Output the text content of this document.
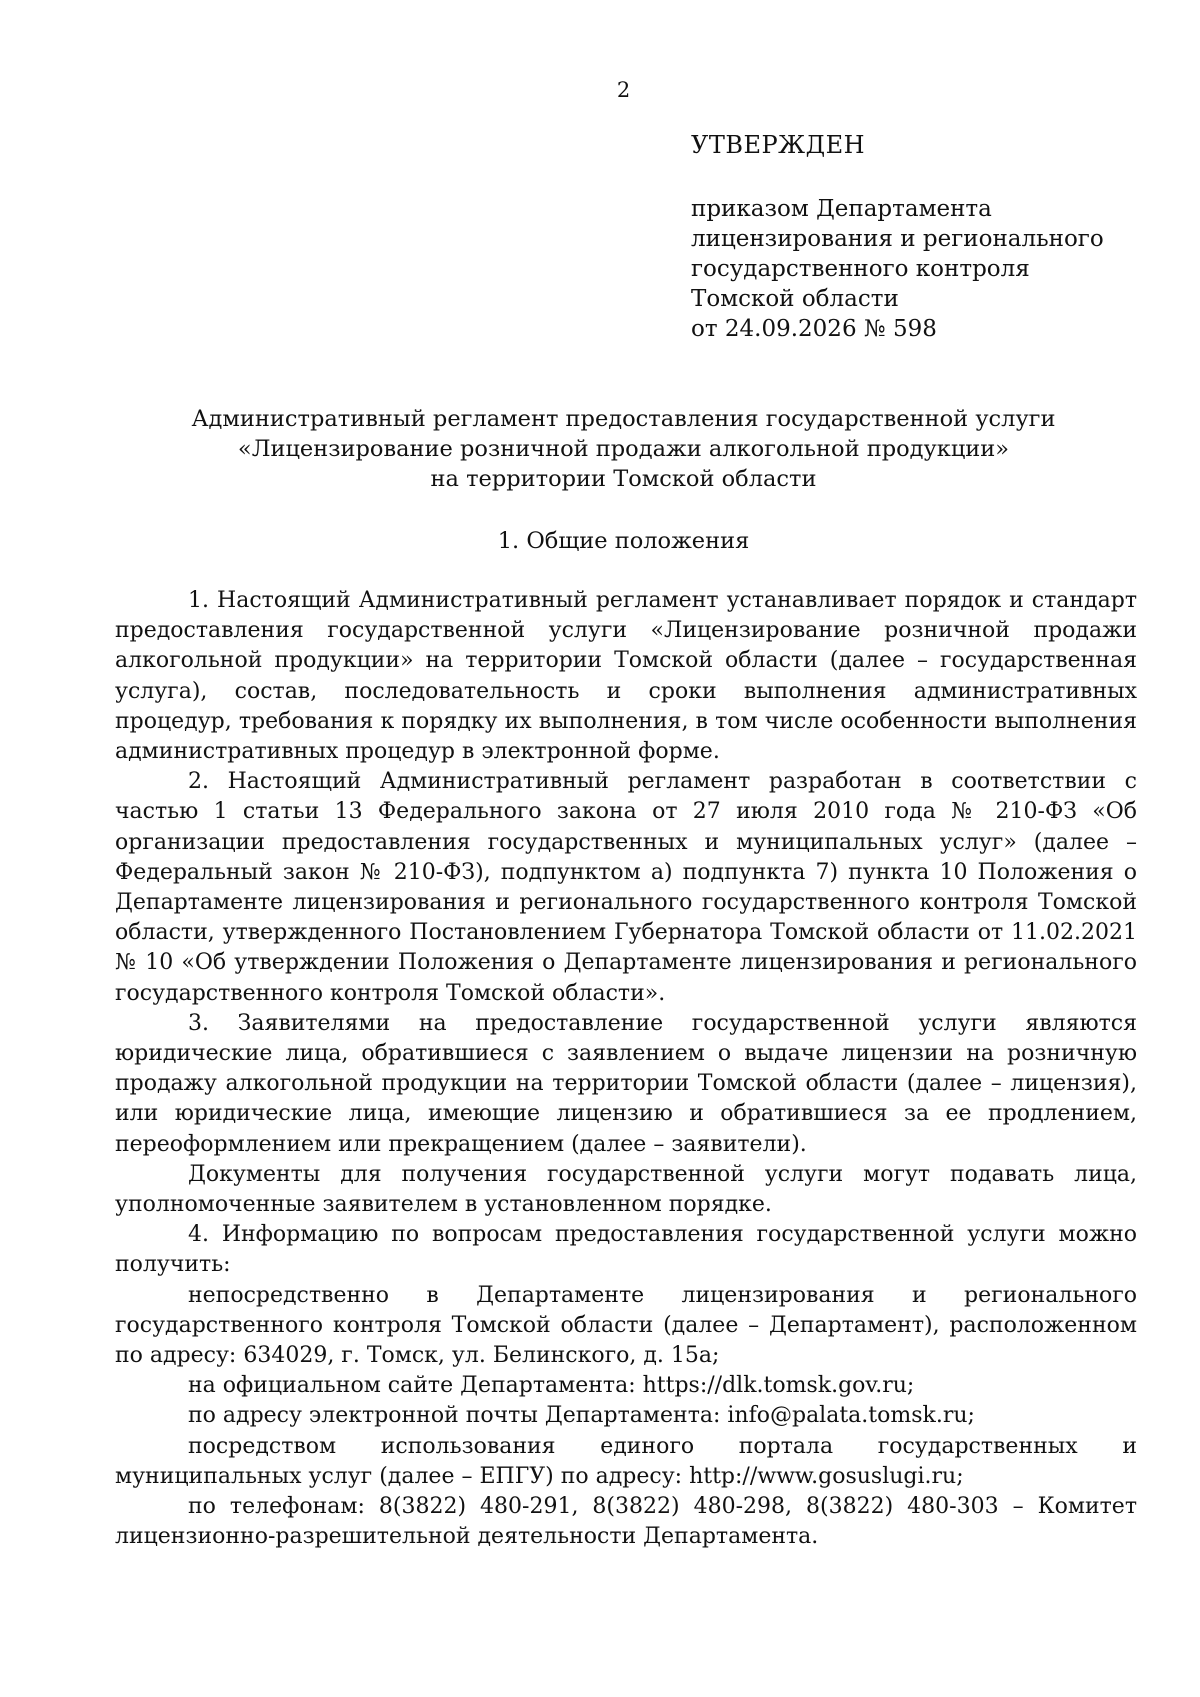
2
УТВЕРЖДЕН
приказом Департамента
лицензирования и регионального
государственного контроля
Томской области
от 24.09.2026 № 598
Административный регламент предоставления государственной услуги
«Лицензирование розничной продажи алкогольной продукции»
на территории Томской области
1. Общие положения

1. Настоящий Административный регламент устанавливает порядок и стандарт предоставления государственной услуги «Лицензирование розничной продажи алкогольной продукции» на территории Томской области (далее – государственная услуга), состав, последовательность и сроки выполнения административных процедур, требования к порядку их выполнения, в том числе особенности выполнения административных процедур в электронной форме.

2. Настоящий Административный регламент разработан в соответствии с частью 1 статьи 13 Федерального закона от 27 июля 2010 года № 210-ФЗ «Об организации предоставления государственных и муниципальных услуг» (далее – Федеральный закон № 210-ФЗ), подпунктом а) подпункта 7) пункта 10 Положения о Департаменте лицензирования и регионального государственного контроля Томской области, утвержденного Постановлением Губернатора Томской области от 11.02.2021 № 10 «Об утверждении Положения о Департаменте лицензирования и регионального государственного контроля Томской области».

3. Заявителями на предоставление государственной услуги являются юридические лица, обратившиеся с заявлением о выдаче лицензии на розничную продажу алкогольной продукции на территории Томской области (далее – лицензия), или юридические лица, имеющие лицензию и обратившиеся за ее продлением, переоформлением или прекращением (далее – заявители).

Документы для получения государственной услуги могут подавать лица, уполномоченные заявителем в установленном порядке.

4. Информацию по вопросам предоставления государственной услуги можно получить:

непосредственно в Департаменте лицензирования и регионального государственного контроля Томской области (далее – Департамент), расположенном по адресу: 634029, г. Томск, ул. Белинского, д. 15а;

на официальном сайте Департамента: https://dlk.tomsk.gov.ru;

по адресу электронной почты Департамента: info@palata.tomsk.ru;

посредством использования единого портала государственных и муниципальных услуг (далее – ЕПГУ) по адресу: http://www.gosuslugi.ru;

по телефонам: 8(3822) 480-291, 8(3822) 480-298, 8(3822) 480-303 – Комитет лицензионно-разрешительной деятельности Департамента.
